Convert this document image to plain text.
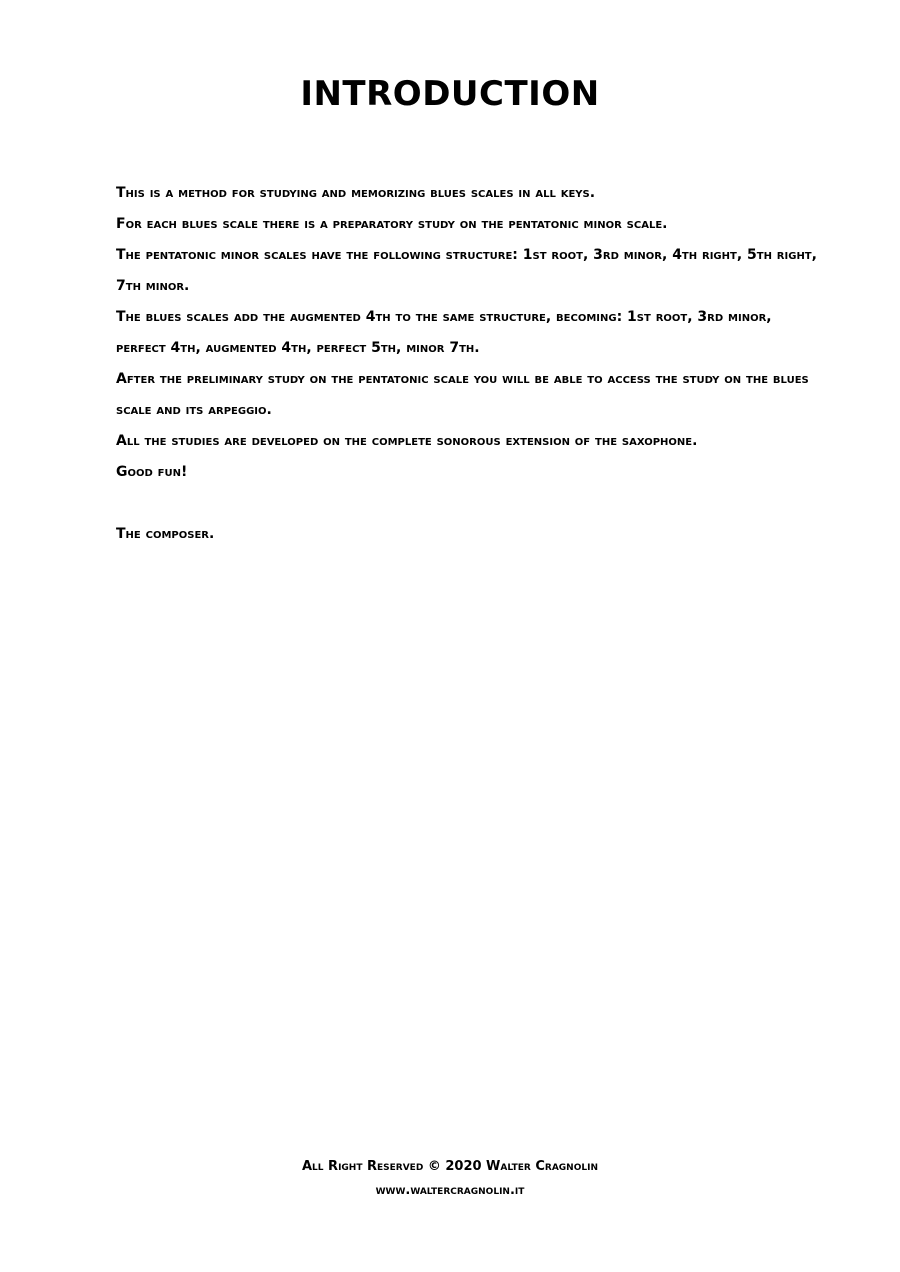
INTRODUCTION

This is a method for studying and memorizing blues scales in all keys.

For each blues scale there is a preparatory study on the pentatonic minor scale.

The pentatonic minor scales have the following structure: 1st root, 3rd minor, 4th right, 5th right, 7th minor.

The blues scales add the augmented 4th to the same structure, becoming: 1st root, 3rd minor, perfect 4th, augmented 4th, perfect 5th, minor 7th.

After the preliminary study on the pentatonic scale you will be able to access the study on the blues scale and its arpeggio.

All the studies are developed on the complete sonorous extension of the saxophone.

Good fun!

The composer.

All Right Reserved © 2020 Walter Cragnolin
www.waltercragnolin.it
